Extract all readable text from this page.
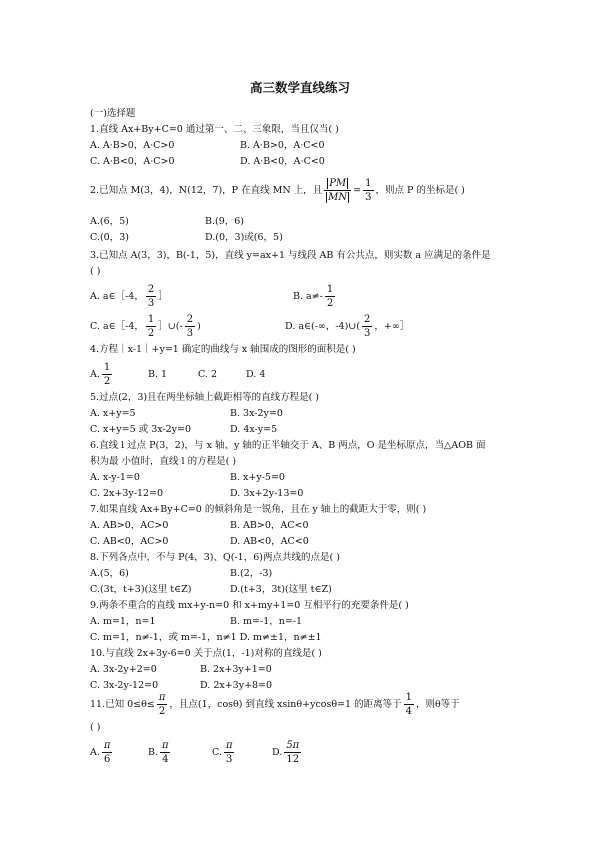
高三数学直线练习
(一)选择题
1.直线 Ax+By+C=0 通过第一、二、三象限，当且仅当( )
A. A·B>0，A·C>0	B. A·B>0，A·C<0
C. A·B<0，A·C>0	D. A·B<0，A·C<0
2.已知点 M(3，4)，N(12，7)，P 在直线 MN 上，且 $\frac{PM}{MN} = \frac{1}{3}$ ，则点 P 的坐标是( )
A.(6，5)	B.(9，6)
C.(0，3)	D.(0，3)或(6，5)
3.已知点 A(3，3)，B(-1，5)，直线 y=ax+1 与线段 AB 有公共点，则实数 a 应满足的条件是
( )
A. a∈［-4， $\frac{2}{3}$ ］	B. $a\ne- \frac{1}{2}$
C. a∈［-4， $\frac{1}{2}$ ］∪(- $\frac{2}{3}$ )	D. a∈(-∞，-4)∪( $\frac{2}{3}$ ，+∞］
4.方程｜x-1｜+y=1 确定的曲线与 x 轴围成的图形的面积是( )
A. $\frac{1}{2}$	B. 1	C. 2	D. 4
5.过点(2，3)且在两坐标轴上截距相等的直线方程是( )
A. x+y=5	B. 3x-2y=0
C. x+y=5 或 3x-2y=0	D. 4x-y=5
6.直线 l 过点 P(3，2)，与 x 轴、y 轴的正半轴交于 A、B 两点，O 是坐标原点，当△AOB 面
积为最 小值时，直线 l 的方程是( )
A. x-y-1=0	B. x+y-5=0
C. 2x+3y-12=0	D. 3x+2y-13=0
7.如果直线 Ax+By+C=0 的倾斜角是一锐角，且在 y 轴上的截距大于零，则( )
A. AB>0，AC>0	B. AB>0，AC<0
C. AB<0，AC>0	D. AB<0，AC<0
8.下列各点中，不与 P(4，3)、Q(-1，6)两点共线的点是( )
A.(5，6)	B.(2，-3)
C.(3t，t+3)(这里 t∈Z)	D.(t+3，3t)(这里 t∈Z)
9.两条不重合的直线 mx+y-n=0 和 x+my+1=0 互相平行的充要条件是( )
A. m=1，n=1	B. m=-1，n=-1
C. m=1，n≠-1，或 m=-1，n≠1 D. m≠±1，n≠±1
10.与直线 2x+3y-6=0 关于点(1，-1)对称的直线是( )
A. 3x-2y+2=0	B. 2x+3y+1=0
C. 3x-2y-12=0	D. 2x+3y+8=0
11.已知 $0\le\theta\le \frac{\pi}{2}$ ，且点(1，cosθ) 到直线 xsinθ+ycosθ=1 的距离等于 $\frac{1}{4}$ ，则θ等于
( )
A. $\frac{\pi}{6}$	B. $\frac{\pi}{4}$	C. $\frac{\pi}{3}$	D. $\frac{5\pi}{12}$
